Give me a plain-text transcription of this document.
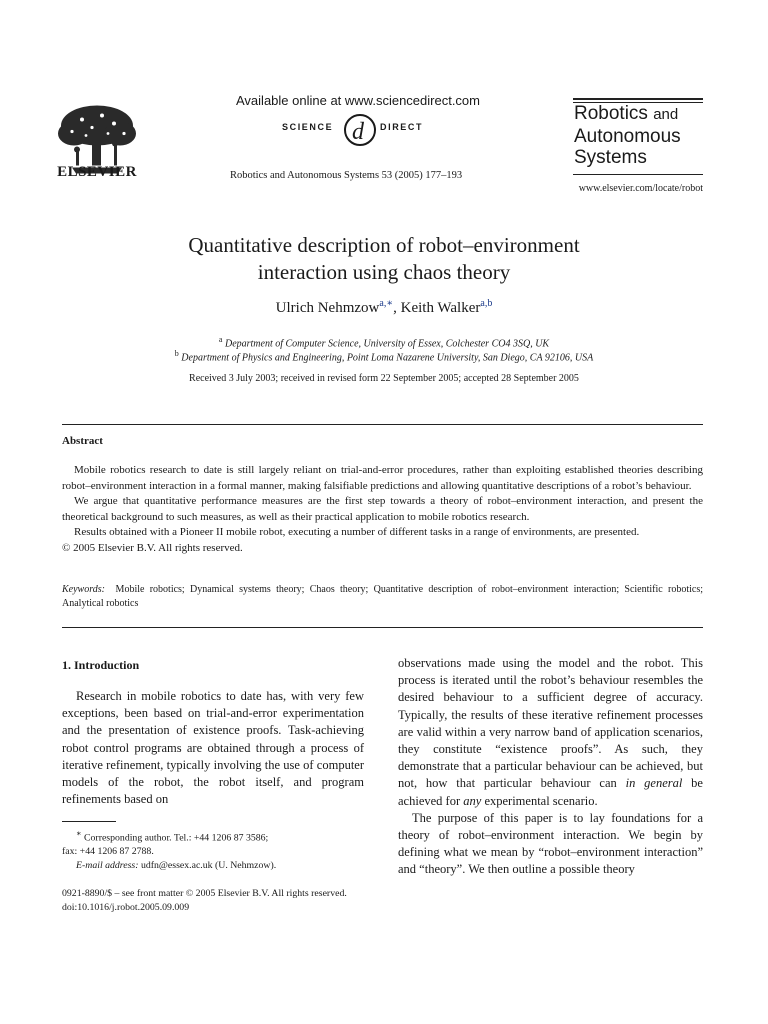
ELSEVIER
Available online at www.sciencedirect.com
SCIENCE d DIRECT
Robotics and Autonomous Systems 53 (2005) 177–193
Robotics and
Autonomous
Systems
www.elsevier.com/locate/robot
Quantitative description of robot–environment
interaction using chaos theory
Ulrich Nehmzow$^{a,∗}$, Keith Walker$^{a,b}$
$^a$ Department of Computer Science, University of Essex, Colchester CO4 3SQ, UK
$^b$ Department of Physics and Engineering, Point Loma Nazarene University, San Diego, CA 92106, USA
Received 3 July 2003; received in revised form 22 September 2005; accepted 28 September 2005
Abstract

Mobile robotics research to date is still largely reliant on trial-and-error procedures, rather than exploiting established theories describing robot–environment interaction in a formal manner, making falsifiable predictions and allowing quantitative descriptions of a robot’s behaviour.

We argue that quantitative performance measures are the first step towards a theory of robot–environment interaction, and present the theoretical background to such measures, as well as their practical application to mobile robotics research.

Results obtained with a Pioneer II mobile robot, executing a number of different tasks in a range of environments, are presented.

© 2005 Elsevier B.V. All rights reserved.

Keywords: Mobile robotics; Dynamical systems theory; Chaos theory; Quantitative description of robot–environment interaction; Scientific robotics; Analytical robotics
1. Introduction

Research in mobile robotics to date has, with very few exceptions, been based on trial-and-error experimentation and the presentation of existence proofs. Task-achieving robot control programs are obtained through a process of iterative refinement, typically involving the use of computer models of the robot, the robot itself, and program refinements based on

observations made using the model and the robot. This process is iterated until the robot’s behaviour resembles the desired behaviour to a sufficient degree of accuracy. Typically, the results of these iterative refinement processes are valid within a very narrow band of application scenarios, they constitute “existence proofs”. As such, they demonstrate that a particular behaviour can be achieved, but not, how that particular behaviour can in general be achieved for any experimental scenario.

The purpose of this paper is to lay foundations for a theory of robot–environment interaction. We begin by defining what we mean by “robot–environment interaction” and “theory”. We then outline a possible theory

∗ Corresponding author. Tel.: +44 1206 87 3586;
fax: +44 1206 87 2788.
E-mail address: udfn@essex.ac.uk (U. Nehmzow).
0921-8890/$ – see front matter © 2005 Elsevier B.V. All rights reserved.
doi:10.1016/j.robot.2005.09.009
